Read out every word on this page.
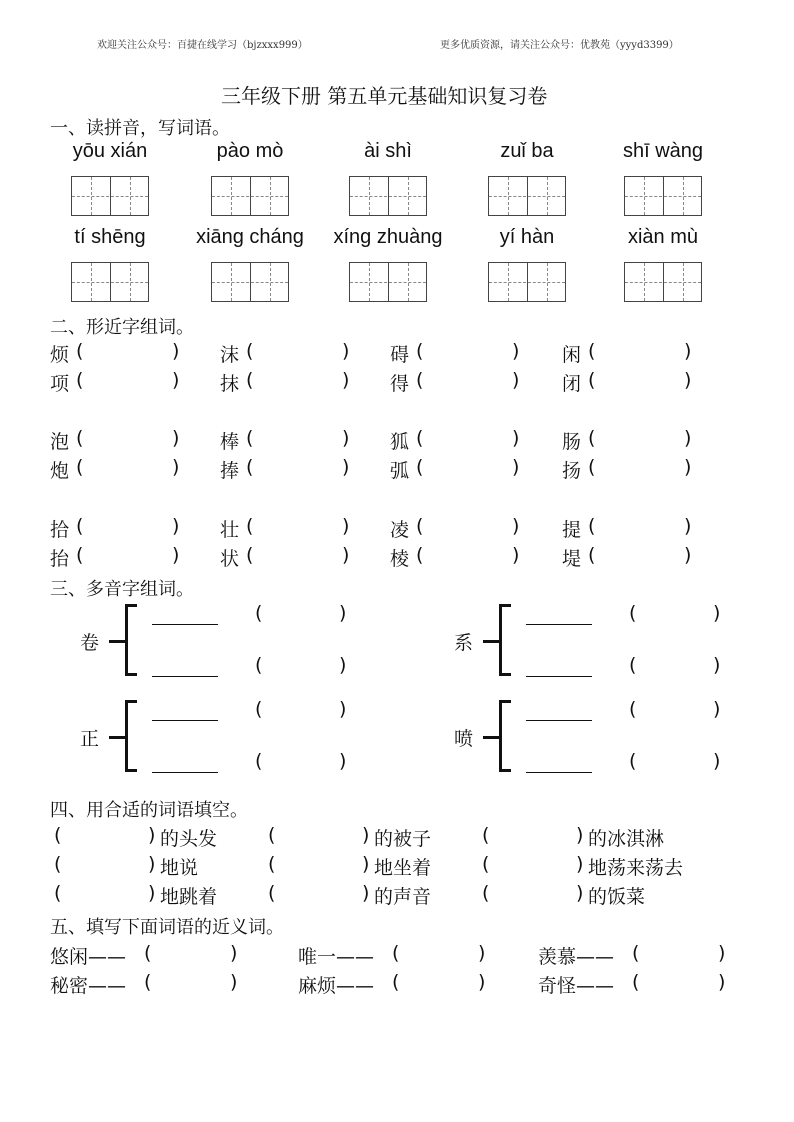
欢迎关注公众号：百捷在线学习（bjzxxx999）	更多优质资源，请关注公众号：优教苑（yyyd3399）
三年级下册 第五单元基础知识复习卷
一、读拼音，写词语。
yōu xián	pào mò	ài shì	zuǐ ba	shī wàng
tí shēng	xiāng cháng	xíng zhuàng	yí hàn	xiàn mù
二、形近字组词。
烦 (	) 沫 (	) 碍 (	) 闲 (	)
项 (	) 抹 (	) 得 (	) 闭 (	)
泡 (	) 棒 (	) 狐 (	) 肠 (	)
炮 (	) 捧 (	) 弧 (	) 扬 (	)
拾 (	) 壮 (	) 凌 (	) 提 (	)
抬 (	) 状 (	) 棱 (	) 堤 (	)
三、多音字组词。
卷
(	)
(	)
系
(	)
(	)
正
(	)
(	)
喷
(	)
(	)
四、用合适的词语填空。
(	) 的头发	(	) 的被子	(	) 的冰淇淋
(	) 地说	(	) 地坐着	(	) 地荡来荡去
(	) 地跳着	(	) 的声音	(	) 的饭菜
五、填写下面词语的近义词。
悠闲—— (	)	唯一—— (	)	羡慕—— (	)
秘密—— (	)	麻烦—— (	)	奇怪—— (	)
